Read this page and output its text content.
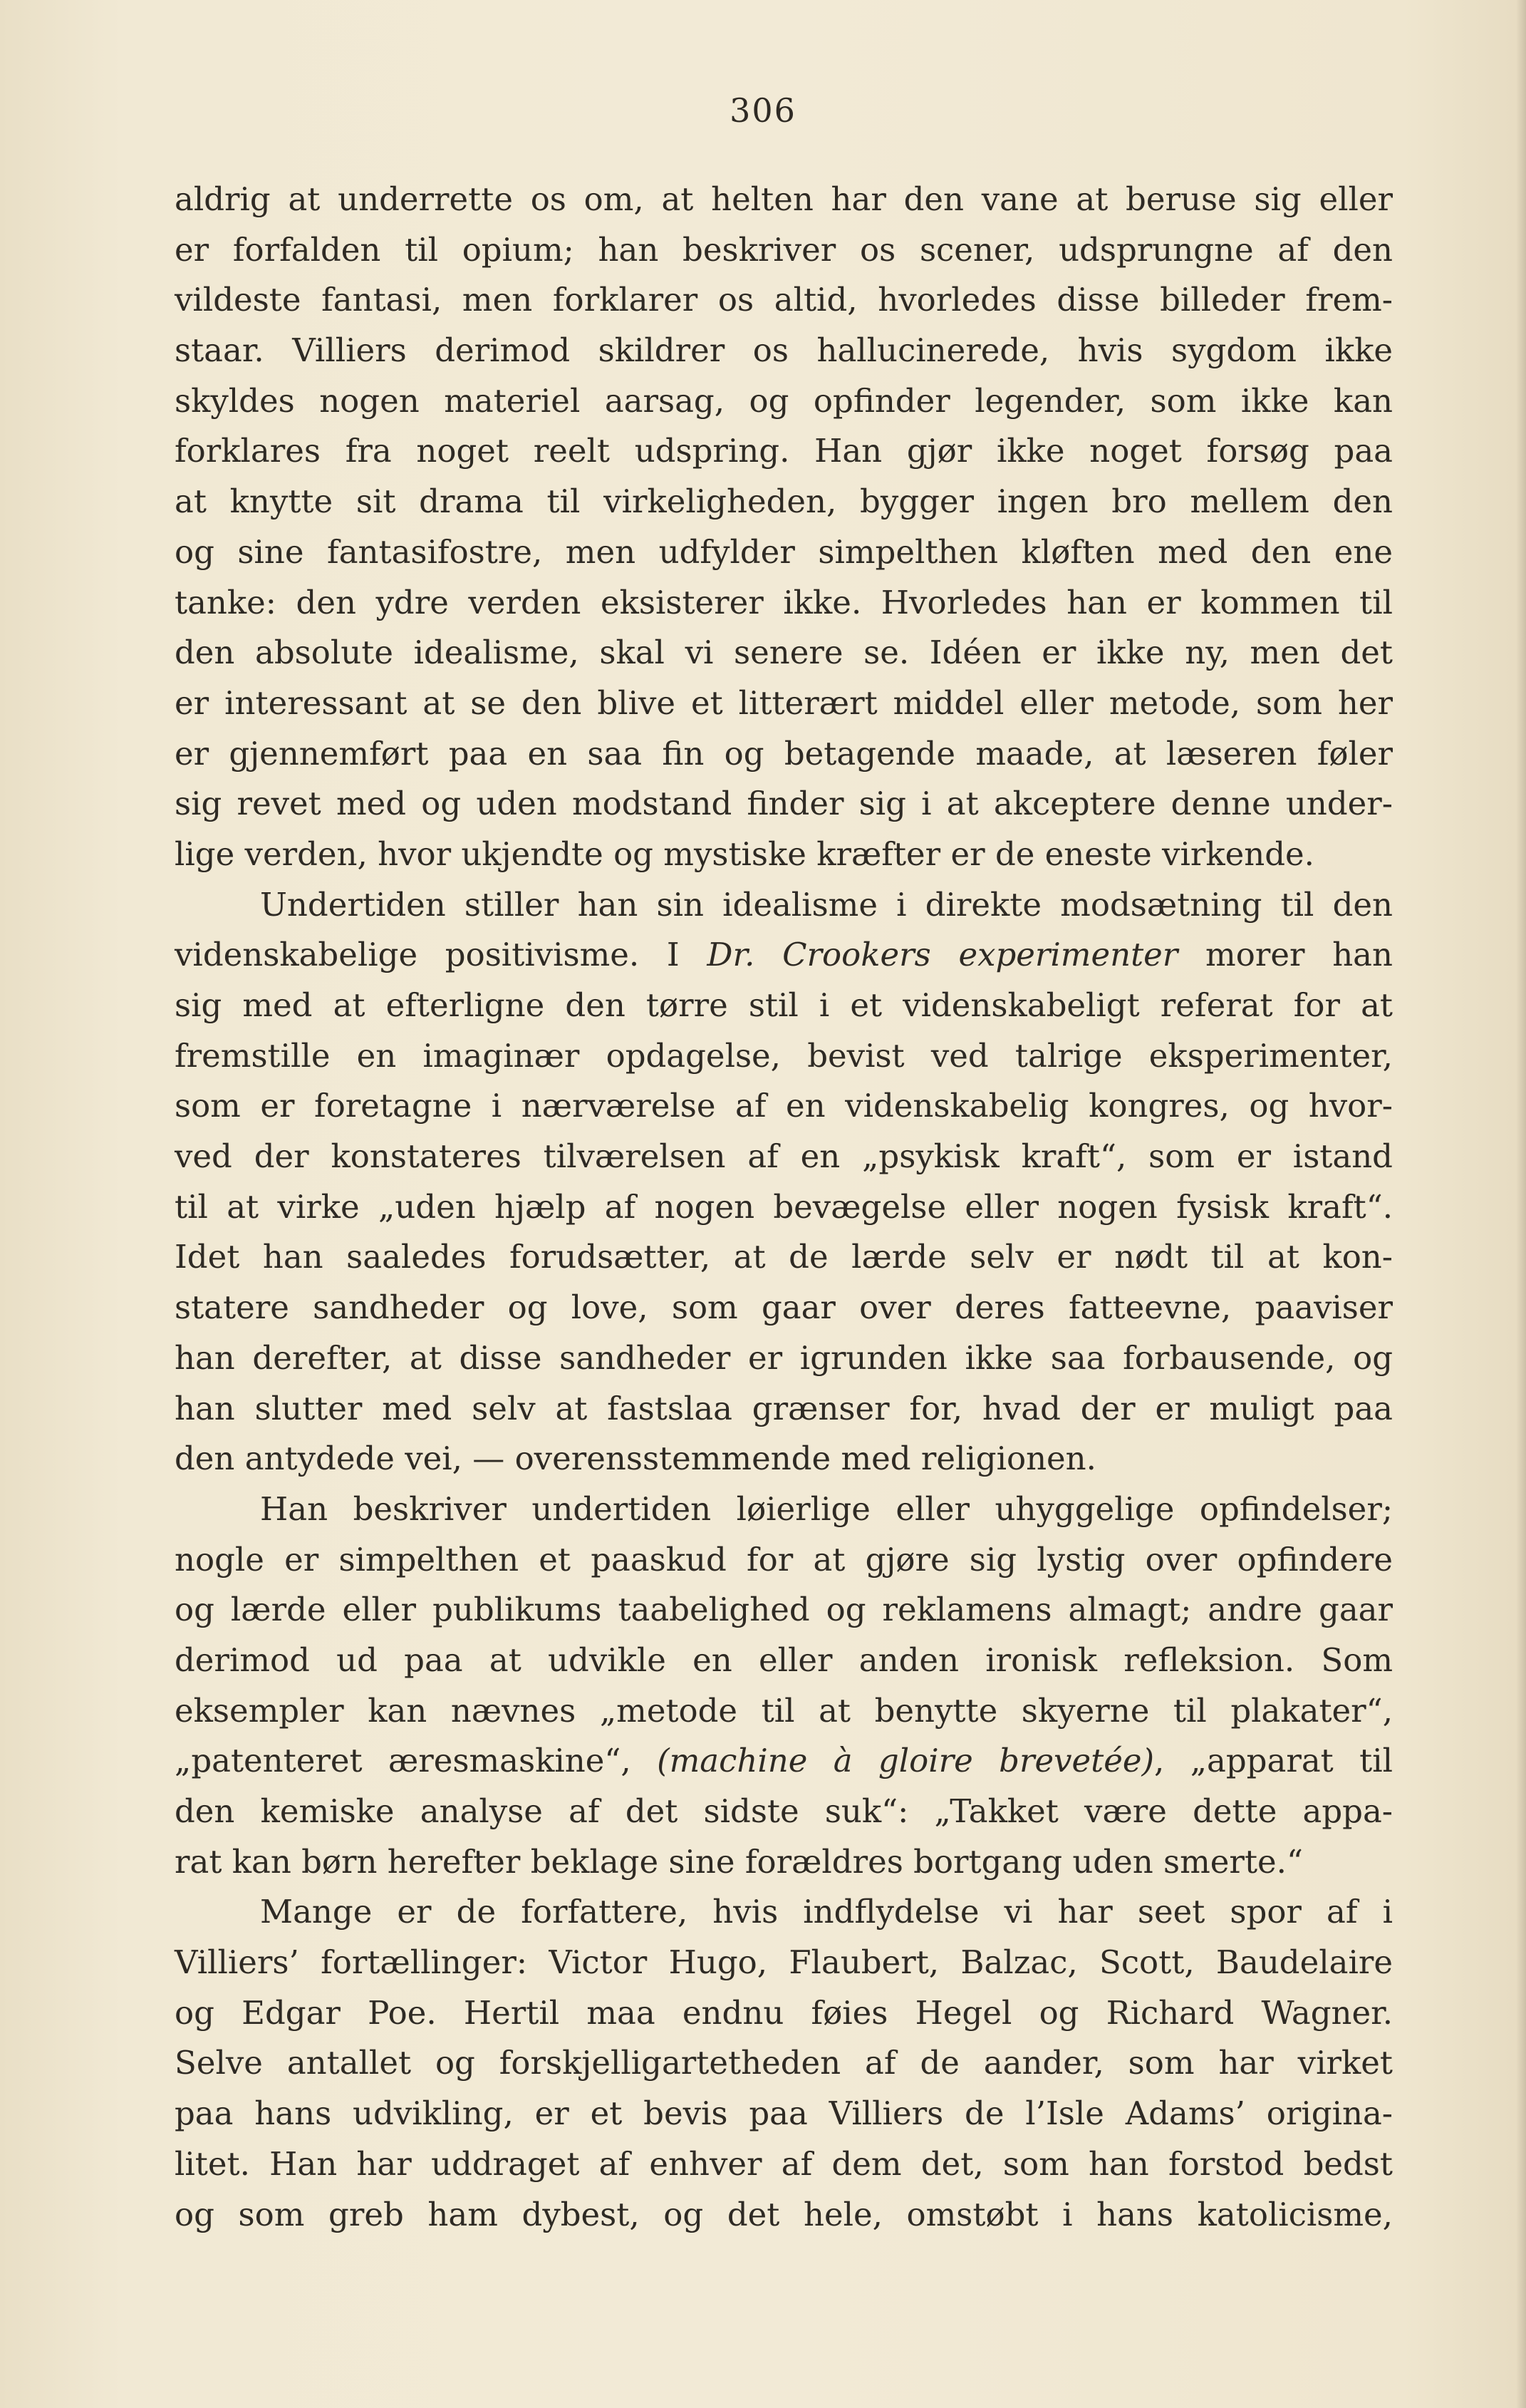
306
aldrig at underrette os om, at helten har den vane at beruse sig eller
er forfalden til opium; han beskriver os scener, udsprungne af den
vildeste fantasi, men forklarer os altid, hvorledes disse billeder frem-
staar. Villiers derimod skildrer os hallucinerede, hvis sygdom ikke
skyldes nogen materiel aarsag, og opfinder legender, som ikke kan
forklares fra noget reelt udspring. Han gjør ikke noget forsøg paa
at knytte sit drama til virkeligheden, bygger ingen bro mellem den
og sine fantasifostre, men udfylder simpelthen kløften med den ene
tanke: den ydre verden eksisterer ikke. Hvorledes han er kommen til
den absolute idealisme, skal vi senere se. Idéen er ikke ny, men det
er interessant at se den blive et litterært middel eller metode, som her
er gjennemført paa en saa fin og betagende maade, at læseren føler
sig revet med og uden modstand finder sig i at akceptere denne under-
lige verden, hvor ukjendte og mystiske kræfter er de eneste virkende.
Undertiden stiller han sin idealisme i direkte modsætning til den
videnskabelige positivisme. I Dr. Crookers experimenter morer han
sig med at efterligne den tørre stil i et videnskabeligt referat for at
fremstille en imaginær opdagelse, bevist ved talrige eksperimenter,
som er foretagne i nærværelse af en videnskabelig kongres, og hvor-
ved der konstateres tilværelsen af en „psykisk kraft“, som er istand
til at virke „uden hjælp af nogen bevægelse eller nogen fysisk kraft“.
Idet han saaledes forudsætter, at de lærde selv er nødt til at kon-
statere sandheder og love, som gaar over deres fatteevne, paaviser
han derefter, at disse sandheder er igrunden ikke saa forbausende, og
han slutter med selv at fastslaa grænser for, hvad der er muligt paa
den antydede vei, — overensstemmende med religionen.
Han beskriver undertiden løierlige eller uhyggelige opfindelser;
nogle er simpelthen et paaskud for at gjøre sig lystig over opfindere
og lærde eller publikums taabelighed og reklamens almagt; andre gaar
derimod ud paa at udvikle en eller anden ironisk refleksion. Som
eksempler kan nævnes „metode til at benytte skyerne til plakater“,
„patenteret æresmaskine“, (machine à gloire brevetée), „apparat til
den kemiske analyse af det sidste suk“: „Takket være dette appa-
rat kan børn herefter beklage sine forældres bortgang uden smerte.“
Mange er de forfattere, hvis indflydelse vi har seet spor af i
Villiers’ fortællinger: Victor Hugo, Flaubert, Balzac, Scott, Baudelaire
og Edgar Poe. Hertil maa endnu føies Hegel og Richard Wagner.
Selve antallet og forskjelligartetheden af de aander, som har virket
paa hans udvikling, er et bevis paa Villiers de l’Isle Adams’ origina-
litet. Han har uddraget af enhver af dem det, som han forstod bedst
og som greb ham dybest, og det hele, omstøbt i hans katolicisme,
